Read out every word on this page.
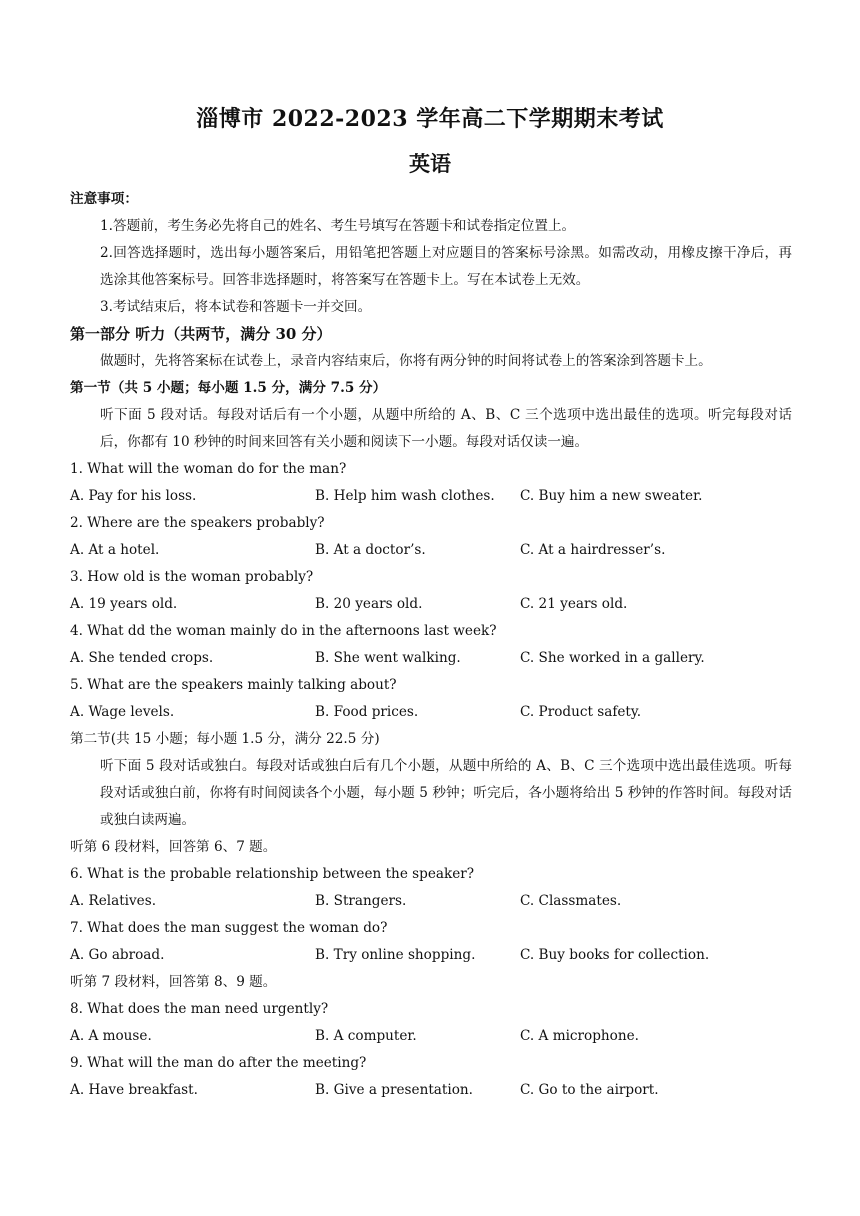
淄博市 2022-2023 学年高二下学期期末考试
英语
注意事项：
1.答题前，考生务必先将自己的姓名、考生号填写在答题卡和试卷指定位置上。
2.回答选择题时，选出每小题答案后，用铅笔把答题上对应题目的答案标号涂黑。如需改动，用橡皮擦干净后，再选涂其他答案标号。回答非选择题时，将答案写在答题卡上。写在本试卷上无效。
3.考试结束后，将本试卷和答题卡一并交回。
第一部分 听力（共两节，满分 30 分）
做题时，先将答案标在试卷上，录音内容结束后，你将有两分钟的时间将试卷上的答案涂到答题卡上。
第一节（共 5 小题；每小题 1.5 分，满分 7.5 分）
听下面 5 段对话。每段对话后有一个小题，从题中所给的 A、B、C 三个选项中选出最佳的选项。听完每段对话后，你都有 10 秒钟的时间来回答有关小题和阅读下一小题。每段对话仅读一遍。
1. What will the woman do for the man?
A. Pay for his loss.	B. Help him wash clothes.	C. Buy him a new sweater.
2. Where are the speakers probably?
A. At a hotel.	B. At a doctor’s.	C. At a hairdresser’s.
3. How old is the woman probably?
A. 19 years old.	B. 20 years old.	C. 21 years old.
4. What dd the woman mainly do in the afternoons last week?
A. She tended crops.	B. She went walking.	C. She worked in a gallery.
5. What are the speakers mainly talking about?
A. Wage levels.	B. Food prices.	C. Product safety.
第二节(共 15 小题；每小题 1.5 分，满分 22.5 分)
听下面 5 段对话或独白。每段对话或独白后有几个小题，从题中所给的 A、B、C 三个选项中选出最佳选项。听每段对话或独白前，你将有时间阅读各个小题，每小题 5 秒钟；听完后，各小题将给出 5 秒钟的作答时间。每段对话或独白读两遍。
听第 6 段材料，回答第 6、7 题。
6. What is the probable relationship between the speaker?
A. Relatives.	B. Strangers.	C. Classmates.
7. What does the man suggest the woman do?
A. Go abroad.	B. Try online shopping.	C. Buy books for collection.
听第 7 段材料，回答第 8、9 题。
8. What does the man need urgently?
A. A mouse.	B. A computer.	C. A microphone.
9. What will the man do after the meeting?
A. Have breakfast.	B. Give a presentation.	C. Go to the airport.
